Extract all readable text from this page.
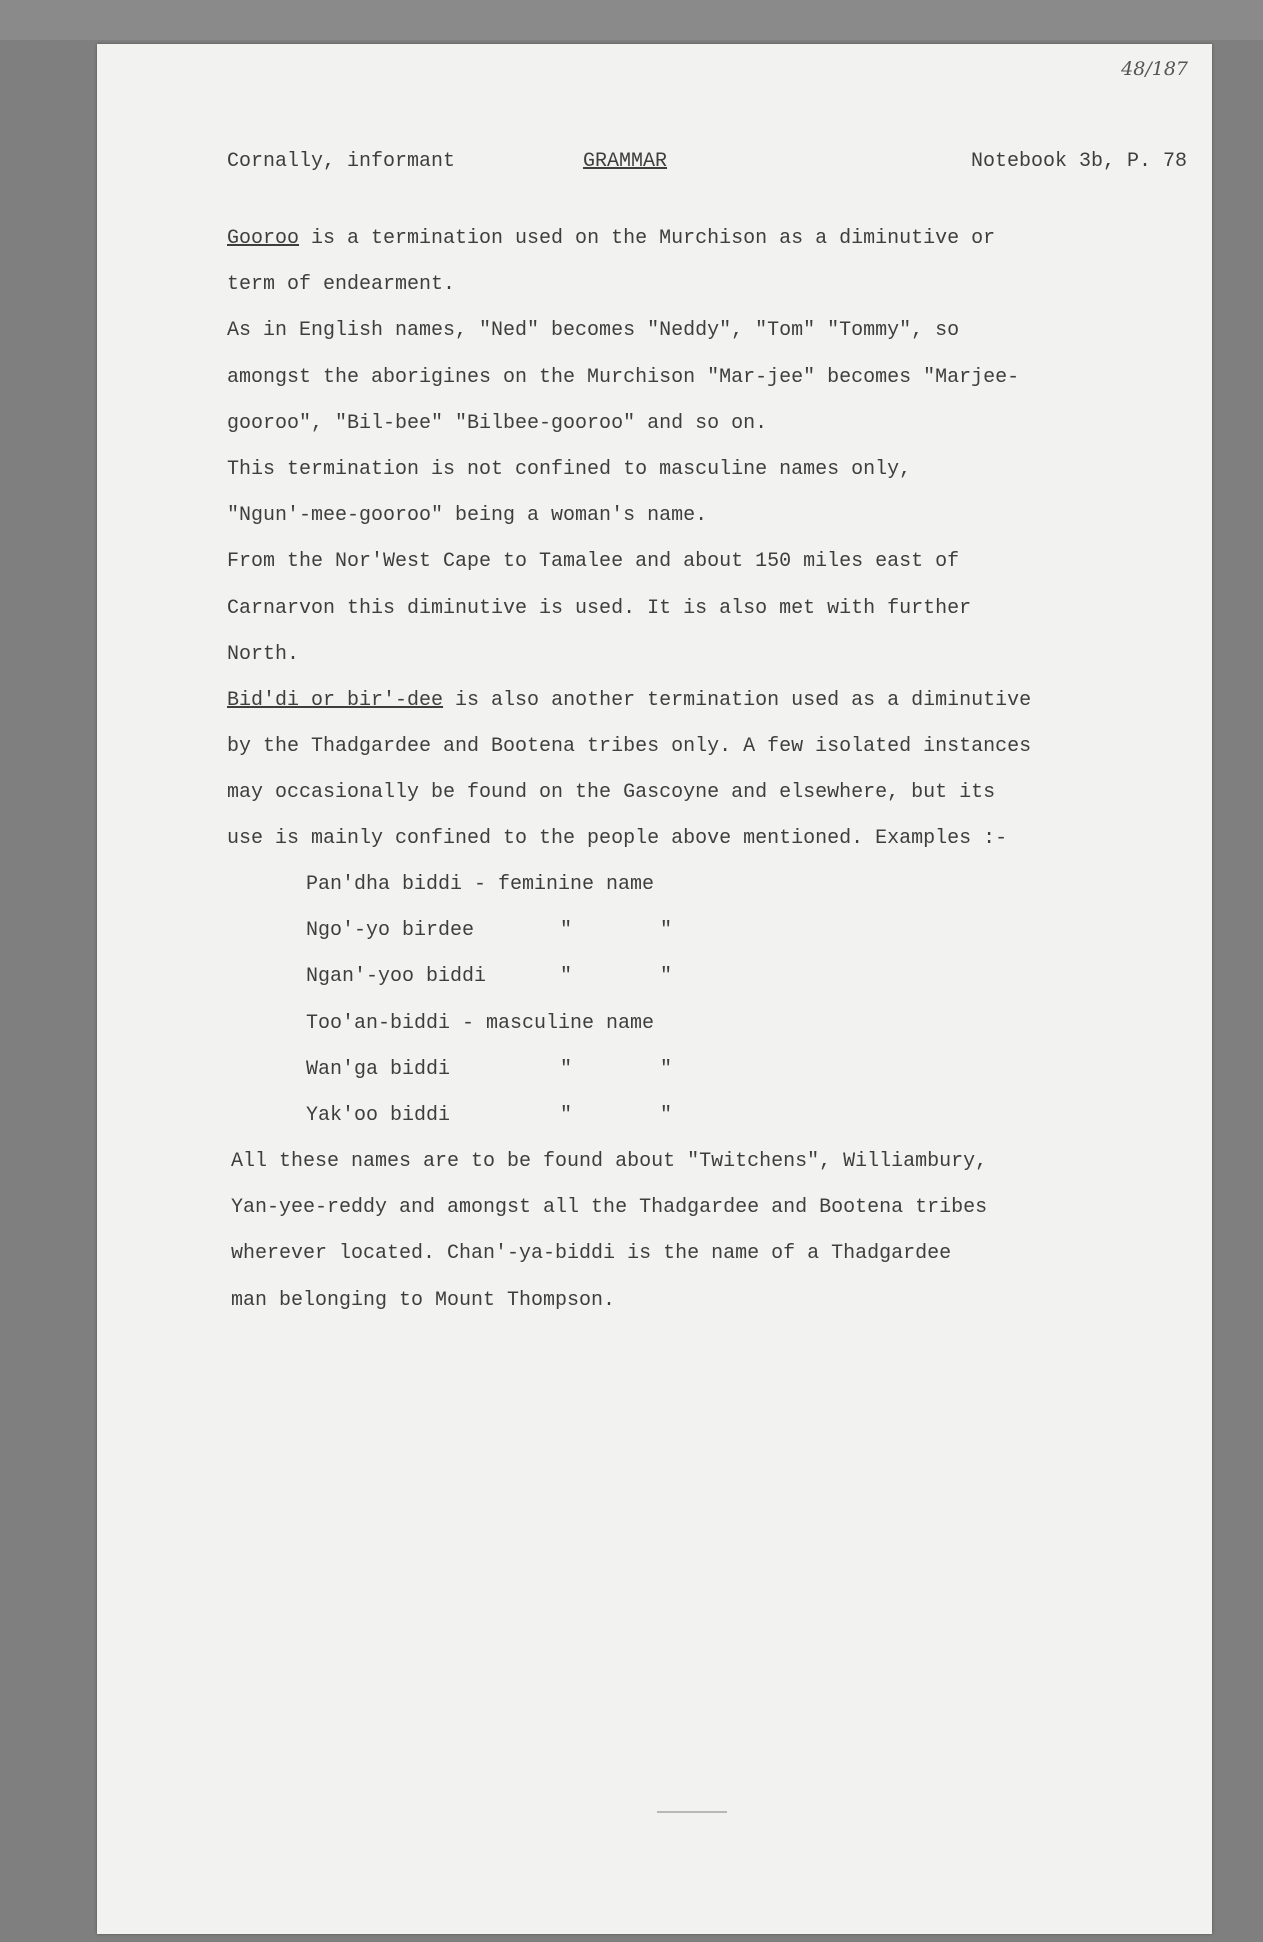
48/187
Cornally, informant	GRAMMAR	Notebook 3b, P. 78
Gooroo is a termination used on the Murchison as a diminutive or
term of endearment.
As in English names, "Ned" becomes "Neddy", "Tom" "Tommy", so
amongst the aborigines on the Murchison "Mar-jee" becomes "Marjee-
gooroo", "Bil-bee" "Bilbee-gooroo" and so on.
This termination is not confined to masculine names only,
"Ngun'-mee-gooroo" being a woman's name.
From the Nor'West Cape to Tamalee and about 150 miles east of
Carnarvon this diminutive is used. It is also met with further
North.
Bid'di or bir'-dee is also another termination used as a diminutive
by the Thadgardee and Bootena tribes only. A few isolated instances
may occasionally be found on the Gascoyne and elsewhere, but its
use is mainly confined to the people above mentioned. Examples :-
Pan'dha biddi - feminine name
Ngo'-yo birdee	"	"
Ngan'-yoo biddi	"	"
Too'an-biddi - masculine name
Wan'ga biddi	"	"
Yak'oo biddi	"	"
All these names are to be found about "Twitchens", Williambury,
Yan-yee-reddy and amongst all the Thadgardee and Bootena tribes
wherever located. Chan'-ya-biddi is the name of a Thadgardee
man belonging to Mount Thompson.
